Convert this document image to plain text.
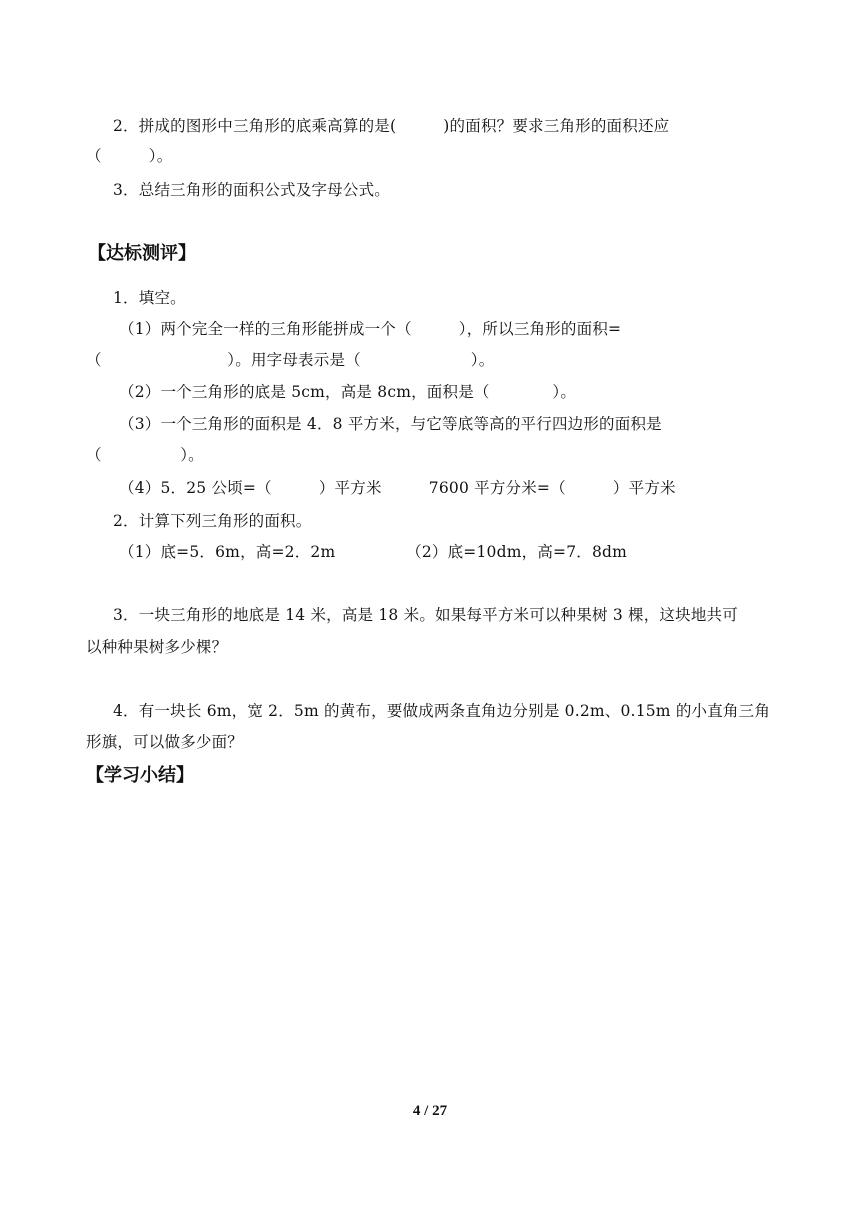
2．拼成的图形中三角形的底乘高算的是(　　　)的面积？要求三角形的面积还应
（　　　）。
3．总结三角形的面积公式及字母公式。
【达标测评】
1．填空。
（1）两个完全一样的三角形能拼成一个（　　　），所以三角形的面积=
（　　　　　　　　）。用字母表示是（　　　　　　　）。
（2）一个三角形的底是 5cm，高是 8cm，面积是（　　　　）。
（3）一个三角形的面积是 4．8 平方米，与它等底等高的平行四边形的面积是
（　　　　　）。
（4）5．25 公顷=（　　　）平方米　　　7600 平方分米=（　　　）平方米
2．计算下列三角形的面积。
（1）底=5．6m，高=2．2m　　　　　（2）底=10dm，高=7．8dm
3．一块三角形的地底是 14 米，高是 18 米。如果每平方米可以种果树 3 棵，这块地共可
以种种果树多少棵？
4．有一块长 6m，宽 2．5m 的黄布，要做成两条直角边分别是 0.2m、0.15m 的小直角三角
形旗，可以做多少面？
【学习小结】
4 / 27
